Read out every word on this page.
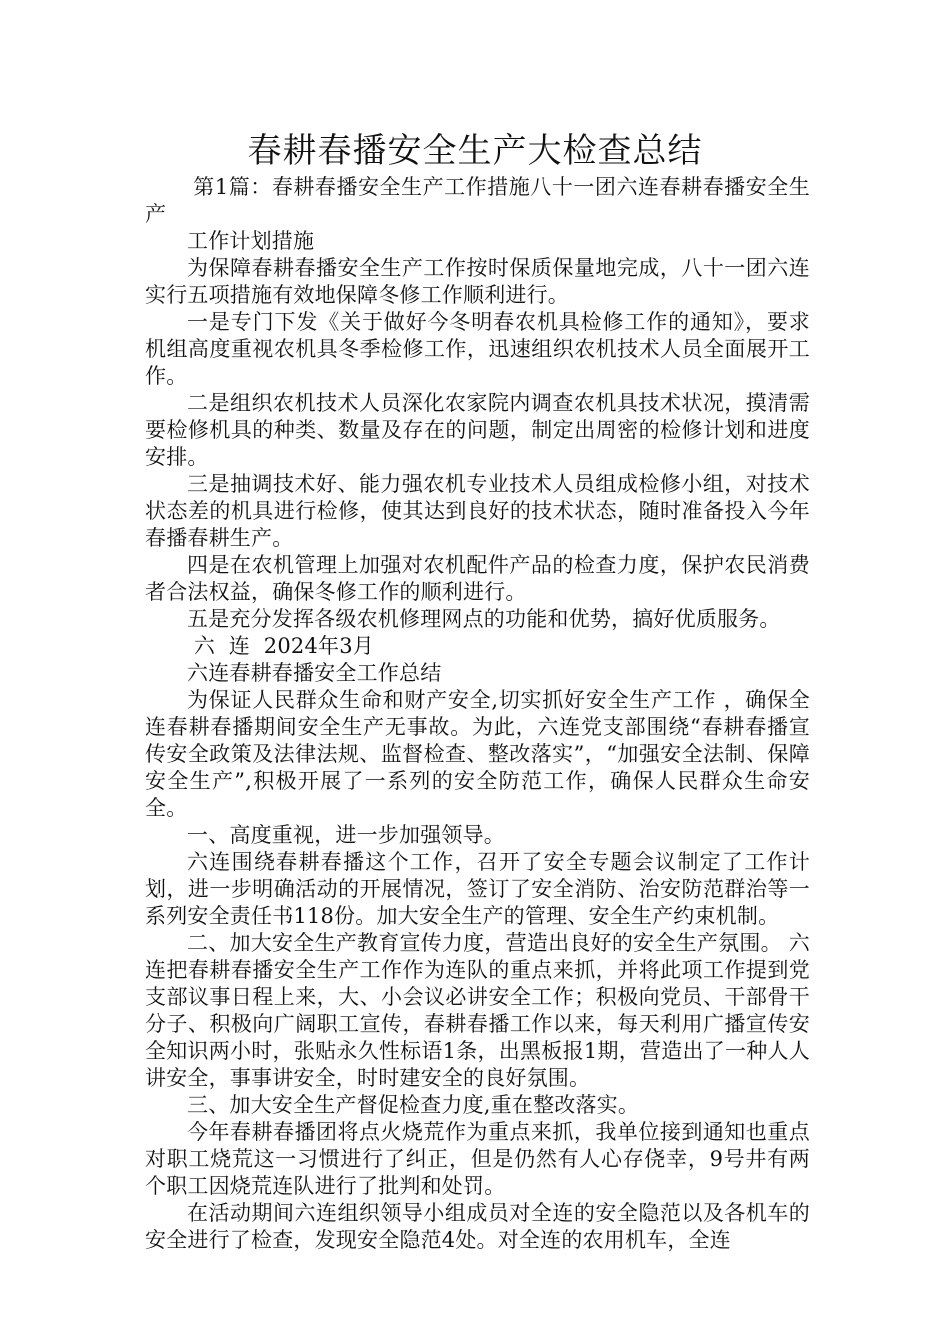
春耕春播安全生产大检查总结

第1篇：春耕春播安全生产工作措施八十一团六连春耕春播安全生产

工作计划措施

为保障春耕春播安全生产工作按时保质保量地完成，八十一团六连实行五项措施有效地保障冬修工作顺利进行。

一是专门下发《关于做好今冬明春农机具检修工作的通知》，要求机组高度重视农机具冬季检修工作，迅速组织农机技术人员全面展开工作。

二是组织农机技术人员深化农家院内调查农机具技术状况，摸清需要检修机具的种类、数量及存在的问题，制定出周密的检修计划和进度安排。

三是抽调技术好、能力强农机专业技术人员组成检修小组，对技术状态差的机具进行检修，使其达到良好的技术状态，随时准备投入今年春播春耕生产。

四是在农机管理上加强对农机配件产品的检查力度，保护农民消费者合法权益，确保冬修工作的顺利进行。

五是充分发挥各级农机修理网点的功能和优势，搞好优质服务。

六  连  2024年3月

六连春耕春播安全工作总结

为保证人民群众生命和财产安全,切实抓好安全生产工作 ，确保全连春耕春播期间安全生产无事故。为此，六连党支部围绕“春耕春播宣传安全政策及法律法规、监督检查、整改落实”，“加强安全法制、保障安全生产”,积极开展了一系列的安全防范工作，确保人民群众生命安全。

一、高度重视，进一步加强领导。

六连围绕春耕春播这个工作，召开了安全专题会议制定了工作计划，进一步明确活动的开展情况，签订了安全消防、治安防范群治等一系列安全责任书118份。加大安全生产的管理、安全生产约束机制。

二、加大安全生产教育宣传力度，营造出良好的安全生产氛围。 六连把春耕春播安全生产工作作为连队的重点来抓，并将此项工作提到党支部议事日程上来，大、小会议必讲安全工作；积极向党员、干部骨干分子、积极向广阔职工宣传，春耕春播工作以来，每天利用广播宣传安全知识两小时，张贴永久性标语1条，出黑板报1期，营造出了一种人人讲安全，事事讲安全，时时建安全的良好氛围。

三、加大安全生产督促检查力度,重在整改落实。

今年春耕春播团将点火烧荒作为重点来抓，我单位接到通知也重点对职工烧荒这一习惯进行了纠正，但是仍然有人心存侥幸，9号井有两个职工因烧荒连队进行了批判和处罚。

在活动期间六连组织领导小组成员对全连的安全隐范以及各机车的安全进行了检查，发现安全隐范4处。对全连的农用机车，全连
